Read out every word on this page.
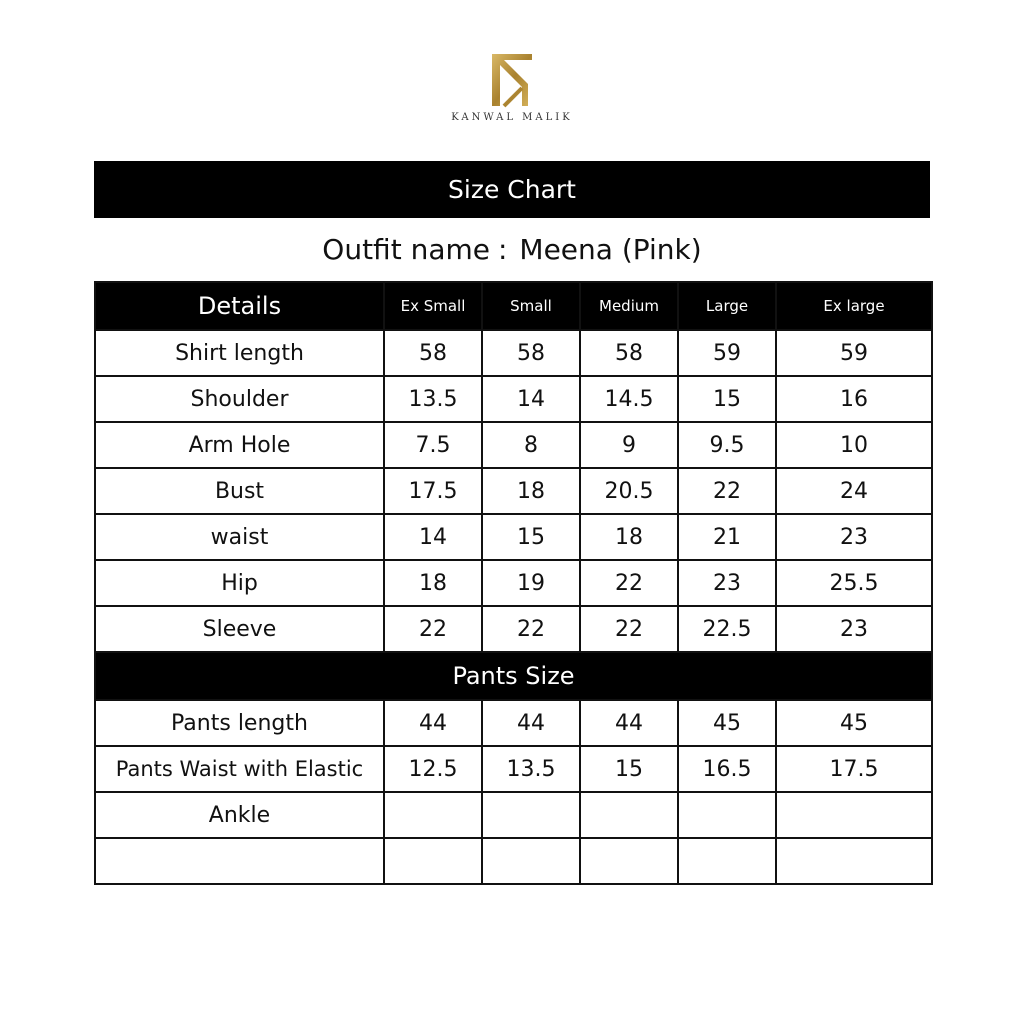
KANWAL MALIK
Size Chart
Outfit name : Meena (Pink)
Details	Ex Small	Small	Medium	Large	Ex large
Shirt length	58	58	58	59	59
Shoulder	13.5	14	14.5	15	16
Arm Hole	7.5	8	9	9.5	10
Bust	17.5	18	20.5	22	24
waist	14	15	18	21	23
Hip	18	19	22	23	25.5
Sleeve	22	22	22	22.5	23
Pants Size					
Pants length	44	44	44	45	45
Pants Waist with Elastic	12.5	13.5	15	16.5	17.5
Ankle					
